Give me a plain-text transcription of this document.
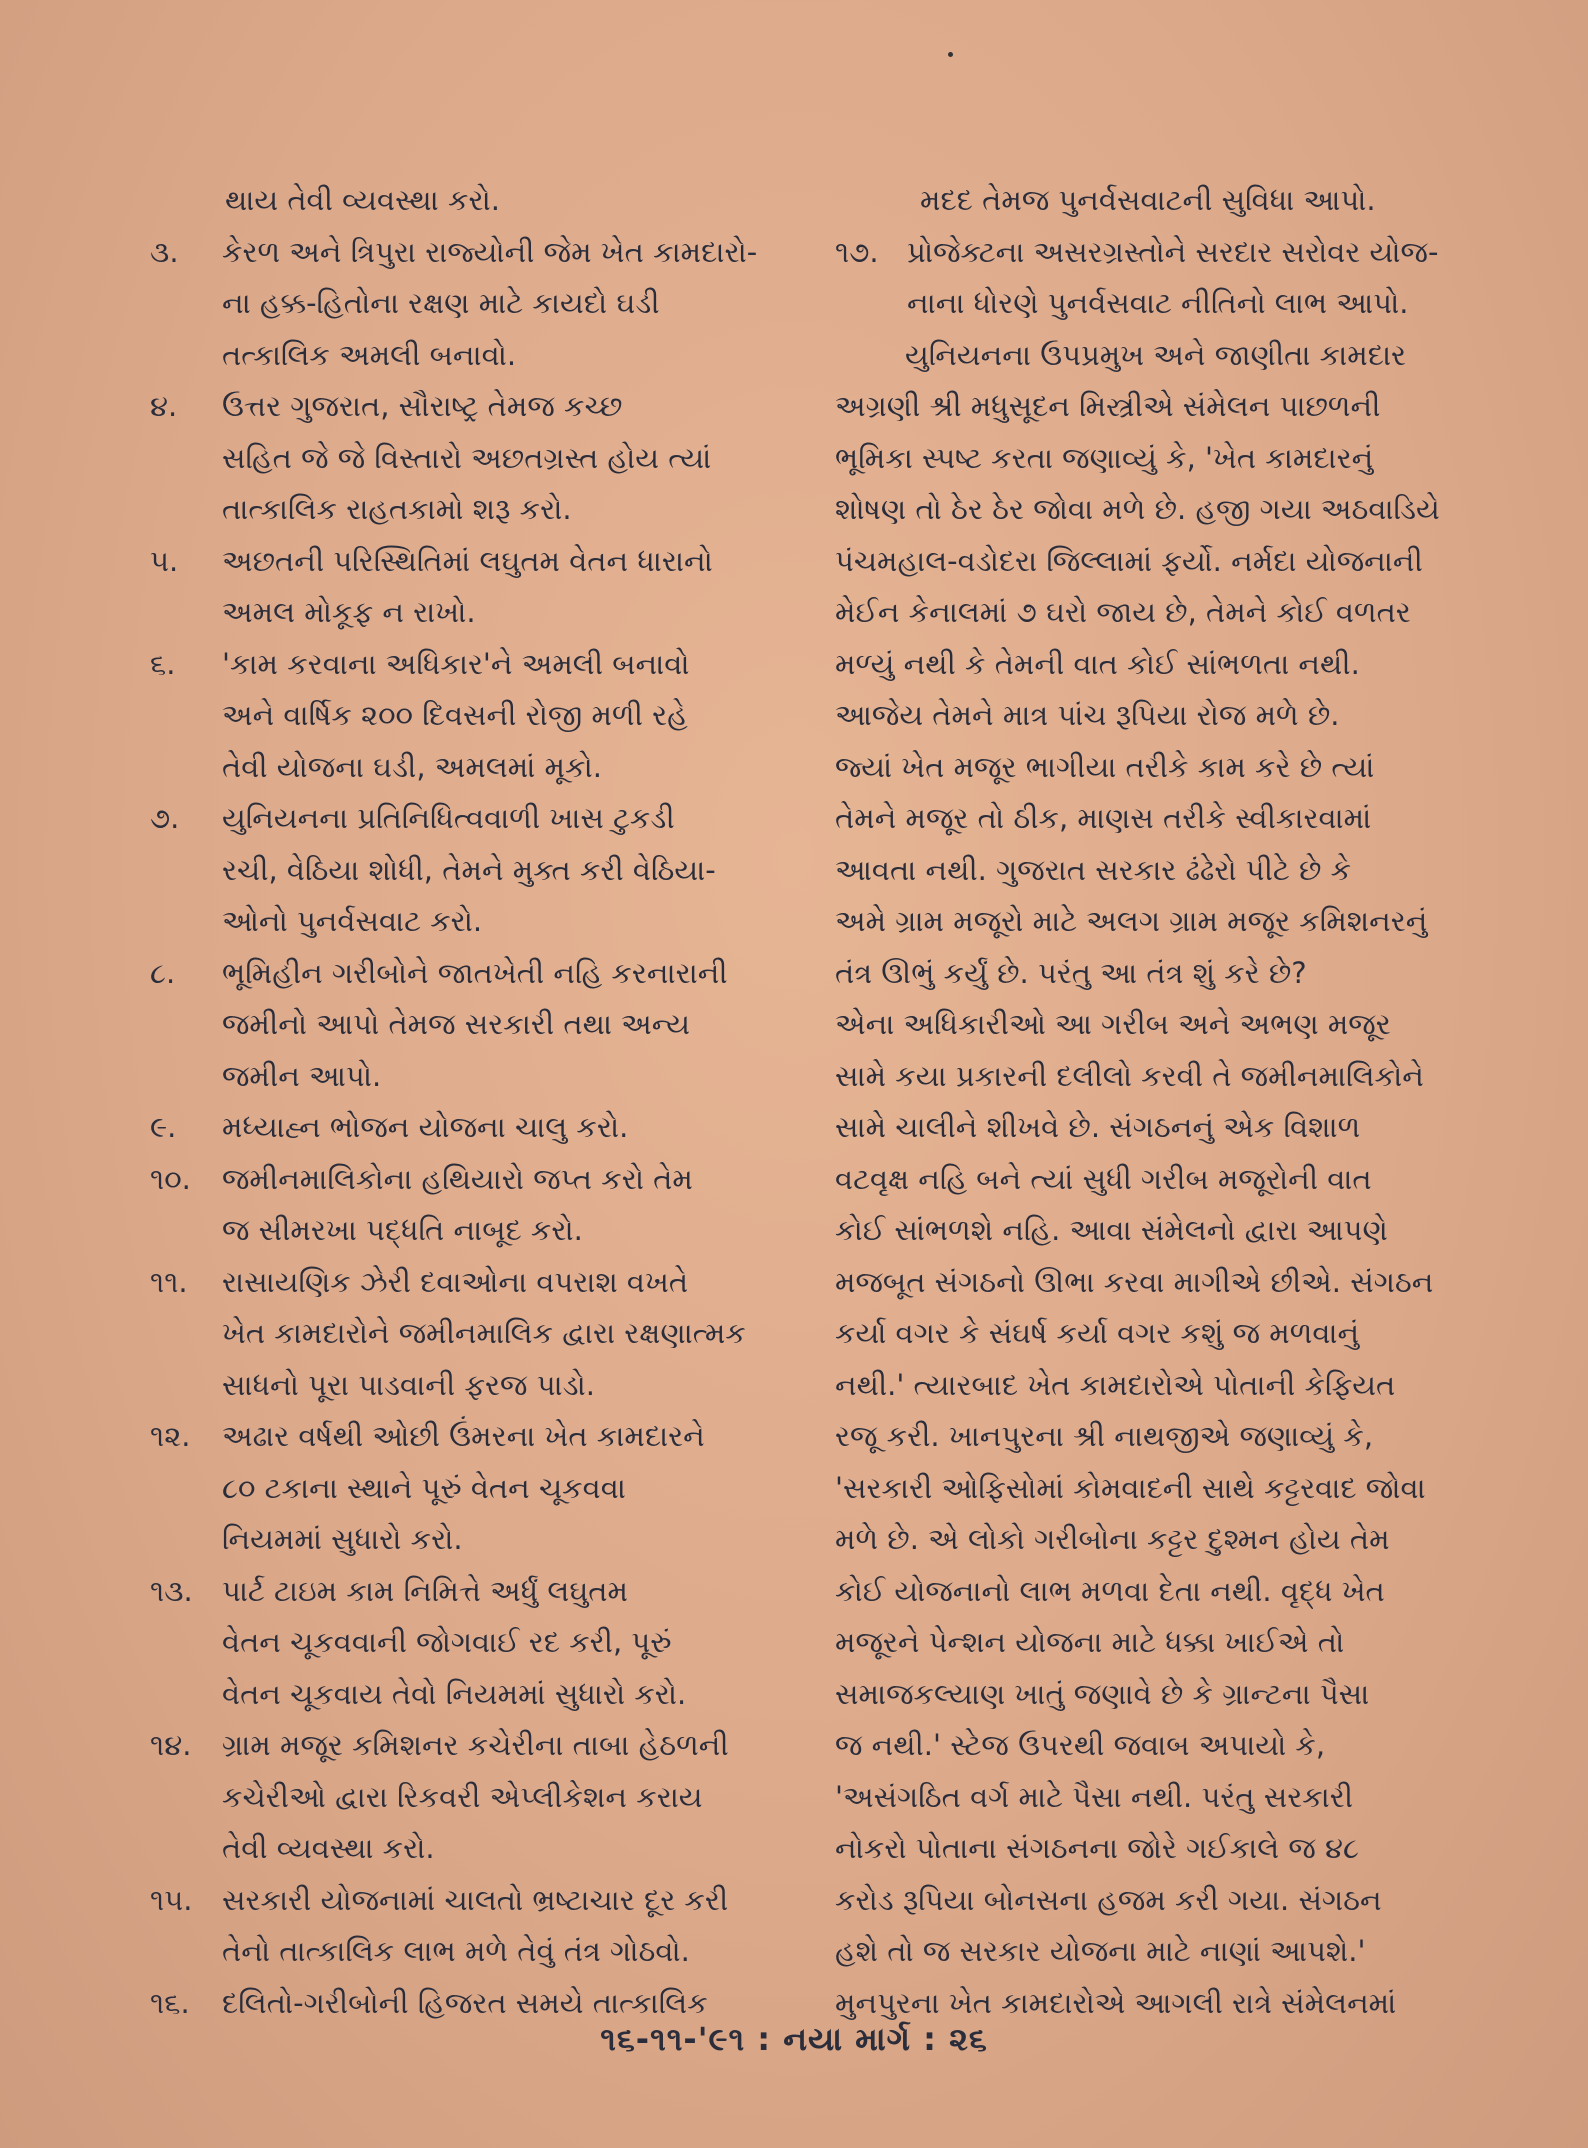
થાય તેવી વ્યવસ્થા કરો.
૩.	કેરળ અને ત્રિપુરા રાજ્યોની જેમ ખેત કામદારો-
ના હક્ક-હિતોના રક્ષણ માટે કાયદો ઘડી
તત્કાલિક અમલી બનાવો.
૪.	ઉત્તર ગુજરાત, સૌરાષ્ટ્ર તેમજ કચ્છ
સહિત જે જે વિસ્તારો અછતગ્રસ્ત હોય ત્યાં
તાત્કાલિક રાહતકામો શરૂ કરો.
૫.	અછતની પરિસ્થિતિમાં લઘુતમ વેતન ધારાનો
અમલ મોકૂફ ન રાખો.
૬.	'કામ કરવાના અધિકાર'ને અમલી બનાવો
અને વાર્ષિક ૨૦૦ દિવસની રોજી મળી રહે
તેવી યોજના ઘડી, અમલમાં મૂકો.
૭.	યુનિયનના પ્રતિનિધિત્વવાળી ખાસ ટુકડી
રચી, વેઠિયા શોધી, તેમને મુક્ત કરી વેઠિયા-
ઓનો પુનર્વસવાટ કરો.
૮.	ભૂમિહીન ગરીબોને જાતખેતી નહિ કરનારાની
જમીનો આપો તેમજ સરકારી તથા અન્ય
જમીન આપો.
૯.	મધ્યાહ્ન ભોજન યોજના ચાલુ કરો.
૧૦.	જમીનમાલિકોના હથિયારો જપ્ત કરો તેમ
જ સીમરખા પદ્ધતિ નાબૂદ કરો.
૧૧.	રાસાયણિક ઝેરી દવાઓના વપરાશ વખતે
ખેત કામદારોને જમીનમાલિક દ્વારા રક્ષણાત્મક
સાધનો પૂરા પાડવાની ફરજ પાડો.
૧૨.	અઢાર વર્ષથી ઓછી ઉંમરના ખેત કામદારને
૮૦ ટકાના સ્થાને પૂરું વેતન ચૂકવવા
નિયમમાં સુધારો કરો.
૧૩.	પાર્ટ ટાઇમ કામ નિમિત્તે અર્ધું લઘુતમ
વેતન ચૂકવવાની જોગવાઈ રદ કરી, પૂરું
વેતન ચૂકવાય તેવો નિયમમાં સુધારો કરો.
૧૪.	ગ્રામ મજૂર કમિશનર કચેરીના તાબા હેઠળની
કચેરીઓ દ્વારા રિકવરી એપ્લીકેશન કરાય
તેવી વ્યવસ્થા કરો.
૧૫.	સરકારી યોજનામાં ચાલતો ભ્રષ્ટાચાર દૂર કરી
તેનો તાત્કાલિક લાભ મળે તેવું તંત્ર ગોઠવો.
૧૬.	દલિતો-ગરીબોની હિજરત સમયે તાત્કાલિક
મદદ તેમજ પુનર્વસવાટની સુવિધા આપો.
૧૭. પ્રોજેક્ટના અસરગ્રસ્તોને સરદાર સરોવર યોજ-
નાના ધોરણે પુનર્વસવાટ નીતિનો લાભ આપો.
યુનિયનના ઉપપ્રમુખ અને જાણીતા કામદાર
અગ્રણી શ્રી મધુસૂદન મિસ્ત્રીએ સંમેલન પાછળની
ભૂમિકા સ્પષ્ટ કરતા જણાવ્યું કે, 'ખેત કામદારનું
શોષણ તો ઠેર ઠેર જોવા મળે છે. હજી ગયા અઠવાડિયે
પંચમહાલ-વડોદરા જિલ્લામાં ફર્યો. નર્મદા યોજનાની
મેઈન કેનાલમાં ૭ ઘરો જાય છે, તેમને કોઈ વળતર
મળ્યું નથી કે તેમની વાત કોઈ સાંભળતા નથી.
આજેય તેમને માત્ર પાંચ રૂપિયા રોજ મળે છે.
જ્યાં ખેત મજૂર ભાગીયા તરીકે કામ કરે છે ત્યાં
તેમને મજૂર તો ઠીક, માણસ તરીકે સ્વીકારવામાં
આવતા નથી. ગુજરાત સરકાર ઢંઢેરો પીટે છે કે
અમે ગ્રામ મજૂરો માટે અલગ ગ્રામ મજૂર કમિશનરનું
તંત્ર ઊભું કર્યું છે. પરંતુ આ તંત્ર શું કરે છે?
એના અધિકારીઓ આ ગરીબ અને અભણ મજૂર
સામે કયા પ્રકારની દલીલો કરવી તે જમીનમાલિકોને
સામે ચાલીને શીખવે છે. સંગઠનનું એક વિશાળ
વટવૃક્ષ નહિ બને ત્યાં સુધી ગરીબ મજૂરોની વાત
કોઈ સાંભળશે નહિ. આવા સંમેલનો દ્વારા આપણે
મજબૂત સંગઠનો ઊભા કરવા માગીએ છીએ. સંગઠન
કર્યા વગર કે સંઘર્ષ કર્યા વગર કશું જ મળવાનું
નથી.' ત્યારબાદ ખેત કામદારોએ પોતાની કેફિયત
રજૂ કરી. ખાનપુરના શ્રી નાથજીએ જણાવ્યું કે,
'સરકારી ઓફિસોમાં કોમવાદની સાથે કટ્ટરવાદ જોવા
મળે છે. એ લોકો ગરીબોના કટ્ટર દુશ્મન હોય તેમ
કોઈ યોજનાનો લાભ મળવા દેતા નથી. વૃદ્ધ ખેત
મજૂરને પેન્શન યોજના માટે ધક્કા ખાઈએ તો
સમાજકલ્યાણ ખાતું જણાવે છે કે ગ્રાન્ટના પૈસા
જ નથી.' સ્ટેજ ઉપરથી જવાબ અપાયો કે,
'અસંગઠિત વર્ગ માટે પૈસા નથી. પરંતુ સરકારી
નોકરો પોતાના સંગઠનના જોરે ગઈકાલે જ ૪૮
કરોડ રૂપિયા બોનસના હજમ કરી ગયા. સંગઠન
હશે તો જ સરકાર યોજના માટે નાણાં આપશે.'
મુનપુરના ખેત કામદારોએ આગલી રાત્રે સંમેલનમાં
૧૬-૧૧-'૯૧ : નયા માર્ગ : ૨૬
